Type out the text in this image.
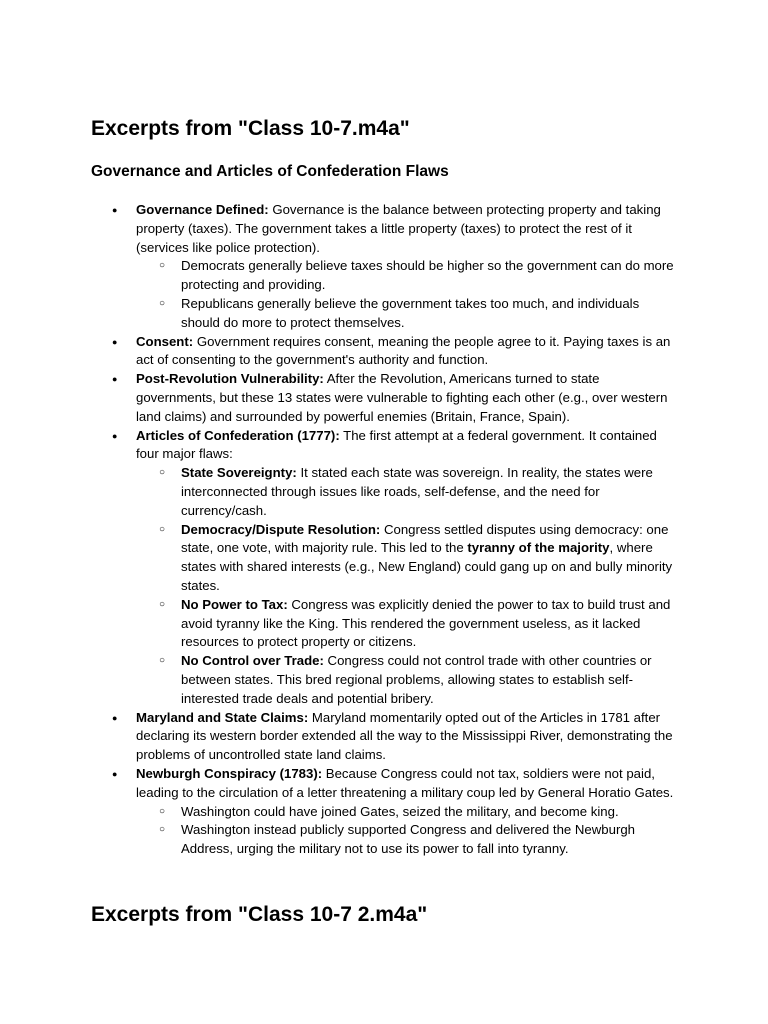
Excerpts from "Class 10-7.m4a"
Governance and Articles of Confederation Flaws
● Governance Defined: Governance is the balance between protecting property and taking property (taxes). The government takes a little property (taxes) to protect the rest of it (services like police protection).
○ Democrats generally believe taxes should be higher so the government can do more protecting and providing.
○ Republicans generally believe the government takes too much, and individuals should do more to protect themselves.
● Consent: Government requires consent, meaning the people agree to it. Paying taxes is an act of consenting to the government's authority and function.
● Post-Revolution Vulnerability: After the Revolution, Americans turned to state governments, but these 13 states were vulnerable to fighting each other (e.g., over western land claims) and surrounded by powerful enemies (Britain, France, Spain).
● Articles of Confederation (1777): The first attempt at a federal government. It contained four major flaws:
○ State Sovereignty: It stated each state was sovereign. In reality, the states were interconnected through issues like roads, self-defense, and the need for currency/cash.
○ Democracy/Dispute Resolution: Congress settled disputes using democracy: one state, one vote, with majority rule. This led to the tyranny of the majority, where states with shared interests (e.g., New England) could gang up on and bully minority states.
○ No Power to Tax: Congress was explicitly denied the power to tax to build trust and avoid tyranny like the King. This rendered the government useless, as it lacked resources to protect property or citizens.
○ No Control over Trade: Congress could not control trade with other countries or between states. This bred regional problems, allowing states to establish self-interested trade deals and potential bribery.
● Maryland and State Claims: Maryland momentarily opted out of the Articles in 1781 after declaring its western border extended all the way to the Mississippi River, demonstrating the problems of uncontrolled state land claims.
● Newburgh Conspiracy (1783): Because Congress could not tax, soldiers were not paid, leading to the circulation of a letter threatening a military coup led by General Horatio Gates.
○ Washington could have joined Gates, seized the military, and become king.
○ Washington instead publicly supported Congress and delivered the Newburgh Address, urging the military not to use its power to fall into tyranny.
Excerpts from "Class 10-7 2.m4a"
